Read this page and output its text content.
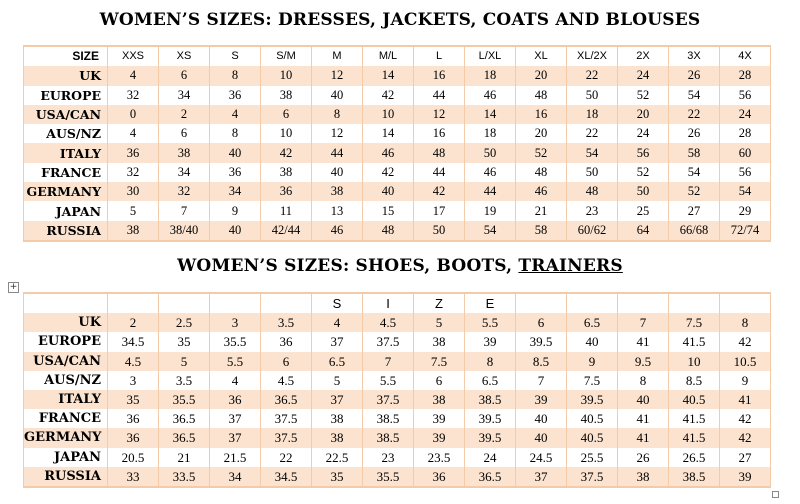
WOMEN’S SIZES: DRESSES, JACKETS, COATS AND BLOUSES
SIZE	XXS	XS	S	S/M	M	M/L	L	L/XL	XL	XL/2X	2X	3X	4X
UK	4	6	8	10	12	14	16	18	20	22	24	26	28
EUROPE	32	34	36	38	40	42	44	46	48	50	52	54	56
USA/CAN	0	2	4	6	8	10	12	14	16	18	20	22	24
AUS/NZ	4	6	8	10	12	14	16	18	20	22	24	26	28
ITALY	36	38	40	42	44	46	48	50	52	54	56	58	60
FRANCE	32	34	36	38	40	42	44	46	48	50	52	54	56
GERMANY	30	32	34	36	38	40	42	44	46	48	50	52	54
JAPAN	5	7	9	11	13	15	17	19	21	23	25	27	29
RUSSIA	38	38/40	40	42/44	46	48	50	54	58	60/62	64	66/68	72/74
+
WOMEN’S SIZES: SHOES, BOOTS, TRAINERS
					S	I	Z	E					
UK	2	2.5	3	3.5	4	4.5	5	5.5	6	6.5	7	7.5	8
EUROPE	34.5	35	35.5	36	37	37.5	38	39	39.5	40	41	41.5	42
USA/CAN	4.5	5	5.5	6	6.5	7	7.5	8	8.5	9	9.5	10	10.5
AUS/NZ	3	3.5	4	4.5	5	5.5	6	6.5	7	7.5	8	8.5	9
ITALY	35	35.5	36	36.5	37	37.5	38	38.5	39	39.5	40	40.5	41
FRANCE	36	36.5	37	37.5	38	38.5	39	39.5	40	40.5	41	41.5	42
GERMANY	36	36.5	37	37.5	38	38.5	39	39.5	40	40.5	41	41.5	42
JAPAN	20.5	21	21.5	22	22.5	23	23.5	24	24.5	25.5	26	26.5	27
RUSSIA	33	33.5	34	34.5	35	35.5	36	36.5	37	37.5	38	38.5	39
